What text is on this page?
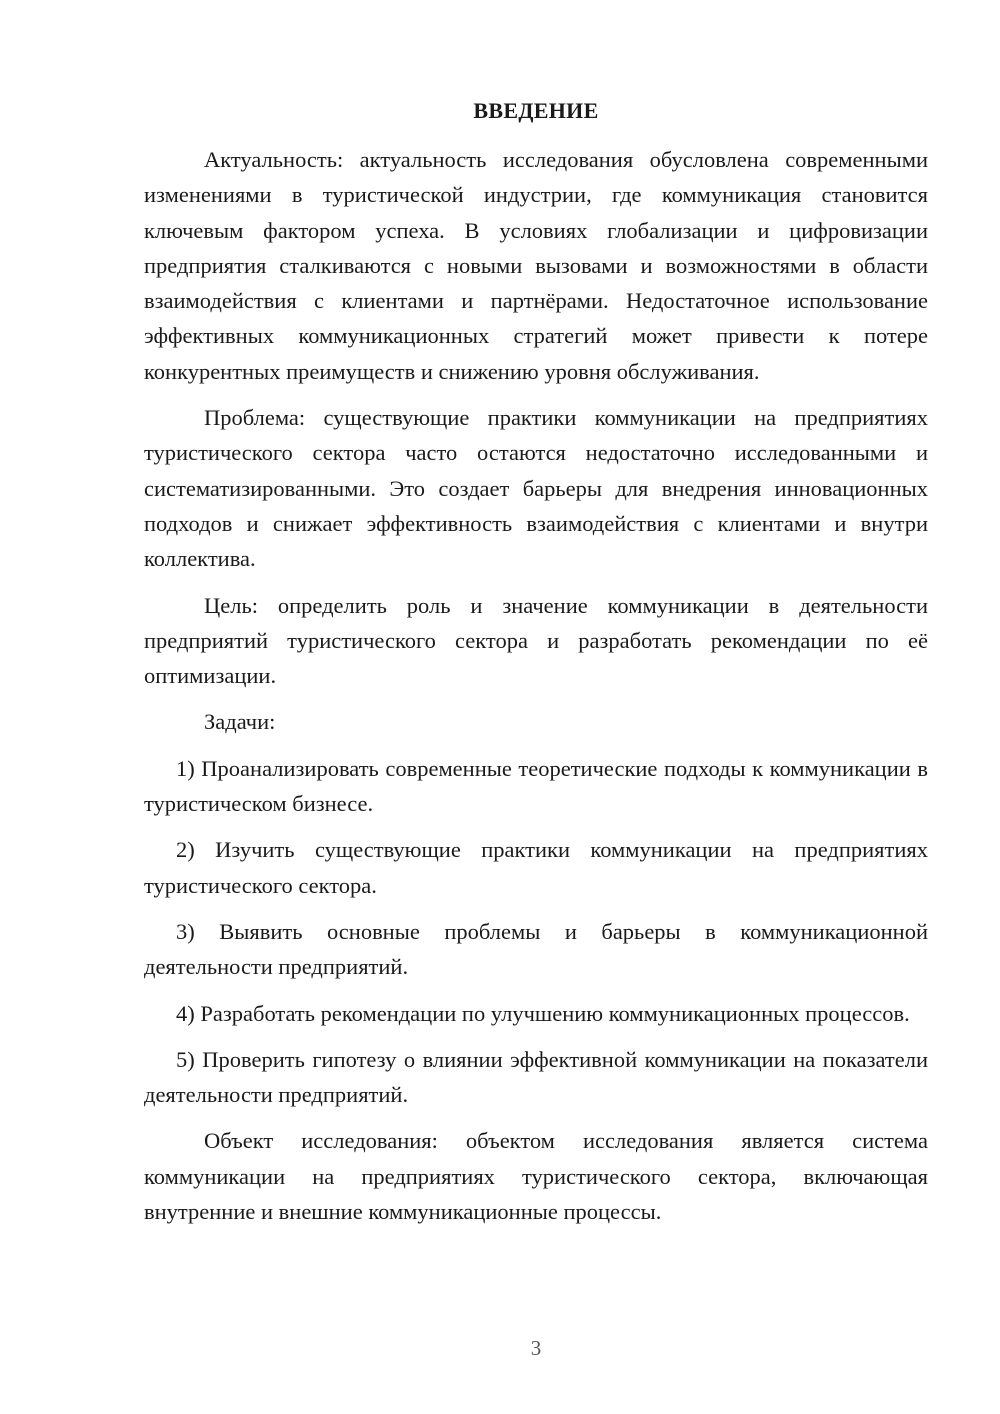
ВВЕДЕНИЕ

Актуальность: актуальность исследования обусловлена современными изменениями в туристической индустрии, где коммуникация становится ключевым фактором успеха. В условиях глобализации и цифровизации предприятия сталкиваются с новыми вызовами и возможностями в области взаимодействия с клиентами и партнёрами. Недостаточное использование эффективных коммуникационных стратегий может привести к потере конкурентных преимуществ и снижению уровня обслуживания.

Проблема: существующие практики коммуникации на предприятиях туристического сектора часто остаются недостаточно исследованными и систематизированными. Это создает барьеры для внедрения инновационных подходов и снижает эффективность взаимодействия с клиентами и внутри коллектива.

Цель: определить роль и значение коммуникации в деятельности предприятий туристического сектора и разработать рекомендации по её оптимизации.

Задачи:

1) Проанализировать современные теоретические подходы к коммуникации в туристическом бизнесе.

2) Изучить существующие практики коммуникации на предприятиях туристического сектора.

3) Выявить основные проблемы и барьеры в коммуникационной деятельности предприятий.

4) Разработать рекомендации по улучшению коммуникационных процессов.

5) Проверить гипотезу о влиянии эффективной коммуникации на показатели деятельности предприятий.

Объект исследования: объектом исследования является система коммуникации на предприятиях туристического сектора, включающая внутренние и внешние коммуникационные процессы.

3
